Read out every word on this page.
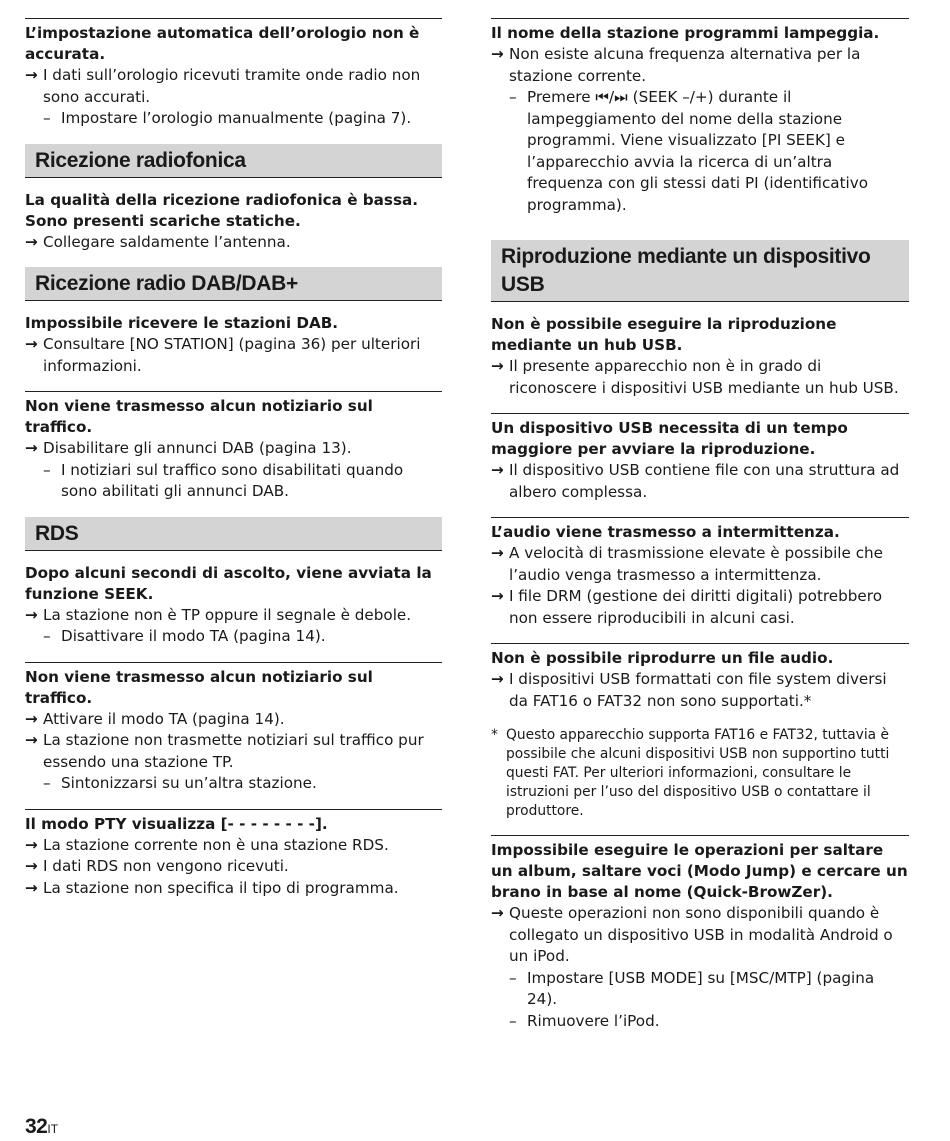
L’impostazione automatica dell’orologio non è accurata.

→ I dati sull’orologio ricevuti tramite onde radio non sono accurati.

– Impostare l’orologio manualmente (pagina 7).

Ricezione radiofonica

La qualità della ricezione radiofonica è bassa. Sono presenti scariche statiche.

→ Collegare saldamente l’antenna.

Ricezione radio DAB/DAB+

Impossibile ricevere le stazioni DAB.

→ Consultare [NO STATION] (pagina 36) per ulteriori informazioni.

Non viene trasmesso alcun notiziario sul traffico.

→ Disabilitare gli annunci DAB (pagina 13).

– I notiziari sul traffico sono disabilitati quando sono abilitati gli annunci DAB.

RDS

Dopo alcuni secondi di ascolto, viene avviata la funzione SEEK.

→ La stazione non è TP oppure il segnale è debole.

– Disattivare il modo TA (pagina 14).

Non viene trasmesso alcun notiziario sul traffico.

→ Attivare il modo TA (pagina 14).

→ La stazione non trasmette notiziari sul traffico pur essendo una stazione TP.

– Sintonizzarsi su un’altra stazione.

Il modo PTY visualizza [- - - - - - - -].

→ La stazione corrente non è una stazione RDS.

→ I dati RDS non vengono ricevuti.

→ La stazione non specifica il tipo di programma.

Il nome della stazione programmi lampeggia.

→ Non esiste alcuna frequenza alternativa per la stazione corrente.

– Premere ⏮/⏭ (SEEK –/+) durante il lampeggiamento del nome della stazione programmi. Viene visualizzato [PI SEEK] e l’apparecchio avvia la ricerca di un’altra frequenza con gli stessi dati PI (identificativo programma).

Riproduzione mediante un dispositivo USB

Non è possibile eseguire la riproduzione mediante un hub USB.

→ Il presente apparecchio non è in grado di riconoscere i dispositivi USB mediante un hub USB.

Un dispositivo USB necessita di un tempo maggiore per avviare la riproduzione.

→ Il dispositivo USB contiene file con una struttura ad albero complessa.

L’audio viene trasmesso a intermittenza.

→ A velocità di trasmissione elevate è possibile che l’audio venga trasmesso a intermittenza.

→ I file DRM (gestione dei diritti digitali) potrebbero non essere riproducibili in alcuni casi.

Non è possibile riprodurre un file audio.

→ I dispositivi USB formattati con file system diversi da FAT16 o FAT32 non sono supportati.*

* Questo apparecchio supporta FAT16 e FAT32, tuttavia è possibile che alcuni dispositivi USB non supportino tutti questi FAT. Per ulteriori informazioni, consultare le istruzioni per l’uso del dispositivo USB o contattare il produttore.

Impossibile eseguire le operazioni per saltare un album, saltare voci (Modo Jump) e cercare un brano in base al nome (Quick-BrowZer).

→ Queste operazioni non sono disponibili quando è collegato un dispositivo USB in modalità Android o un iPod.

– Impostare [USB MODE] su [MSC/MTP] (pagina 24).

– Rimuovere l’iPod.

32IT
